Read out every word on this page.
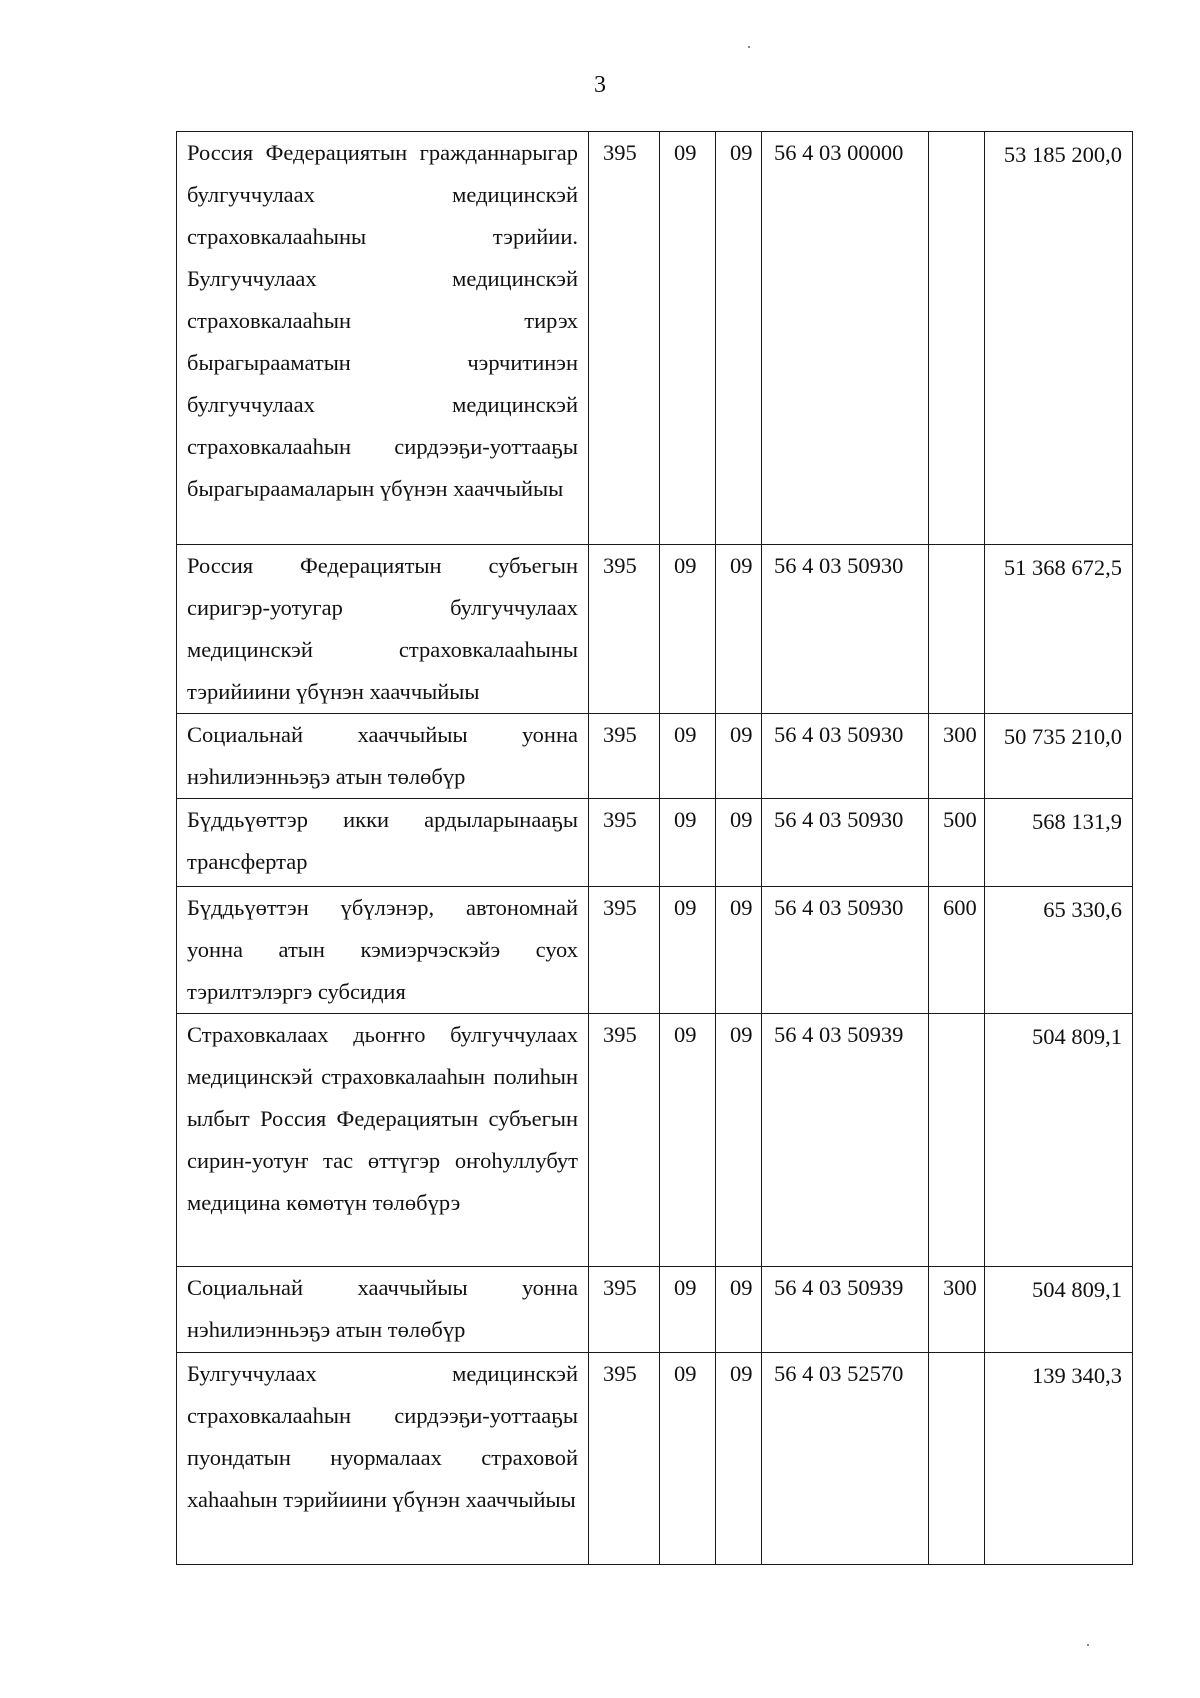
3
Россия Федерациятын гражданнарыгар булгуччулаах медицинскэй страховкалааһыны тэрийии. Булгуччулаах медицинскэй страховкалааһын тирэх бырагырааматын чэрчитинэн булгуччулаах медицинскэй страховкалааһын сирдээҕи-уоттааҕы бырагыраамаларын үбүнэн хааччыйыы	395	09	09	56 4 03 00000		53 185 200,0
Россия Федерациятын субъегын сиригэр-уотугар булгуччулаах медицинскэй страховкалааһыны тэрийиини үбүнэн хааччыйыы	395	09	09	56 4 03 50930		51 368 672,5
Социальнай хааччыйыы уонна нэһилиэнньэҕэ атын төлөбүр	395	09	09	56 4 03 50930	300	50 735 210,0
Бүддьүөттэр икки ардыларынааҕы трансфертар	395	09	09	56 4 03 50930	500	568 131,9
Бүддьүөттэн үбүлэнэр, автономнай уонна атын кэмиэрчэскэйэ суох тэрилтэлэргэ субсидия	395	09	09	56 4 03 50930	600	65 330,6
Страховкалаах дьоҥҥо булгуччулаах медицинскэй страховкалааһын полиһын ылбыт Россия Федерациятын субъегын сирин-уотуҥ тас өттүгэр оҥоһуллубут медицина көмөтүн төлөбүрэ	395	09	09	56 4 03 50939		504 809,1
Социальнай хааччыйыы уонна нэһилиэнньэҕэ атын төлөбүр	395	09	09	56 4 03 50939	300	504 809,1
Булгуччулаах медицинскэй страховкалааһын сирдээҕи-уоттааҕы пуондатын нуормалаах страховой хаһааһын тэрийиини үбүнэн хааччыйыы	395	09	09	56 4 03 52570		139 340,3
